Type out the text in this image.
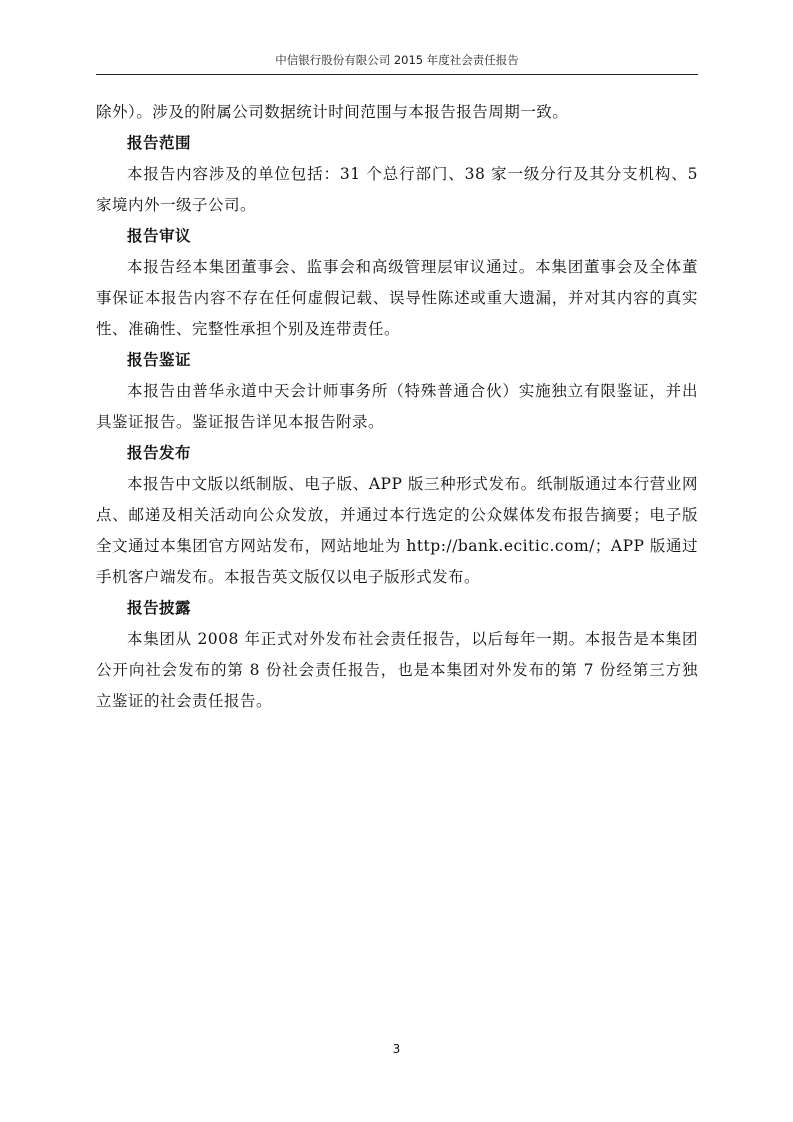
中信银行股份有限公司 2015 年度社会责任报告

除外）。涉及的附属公司数据统计时间范围与本报告报告周期一致。

报告范围

本报告内容涉及的单位包括：31 个总行部门、38 家一级分行及其分支机构、5 家境内外一级子公司。

报告审议

本报告经本集团董事会、监事会和高级管理层审议通过。本集团董事会及全体董事保证本报告内容不存在任何虚假记载、误导性陈述或重大遗漏，并对其内容的真实性、准确性、完整性承担个别及连带责任。

报告鉴证

本报告由普华永道中天会计师事务所（特殊普通合伙）实施独立有限鉴证，并出具鉴证报告。鉴证报告详见本报告附录。

报告发布

本报告中文版以纸制版、电子版、APP 版三种形式发布。纸制版通过本行营业网点、邮递及相关活动向公众发放，并通过本行选定的公众媒体发布报告摘要；电子版全文通过本集团官方网站发布，网站地址为 http://bank.ecitic.com/；APP 版通过手机客户端发布。本报告英文版仅以电子版形式发布。

报告披露

本集团从 2008 年正式对外发布社会责任报告，以后每年一期。本报告是本集团公开向社会发布的第 8 份社会责任报告，也是本集团对外发布的第 7 份经第三方独立鉴证的社会责任报告。

3
